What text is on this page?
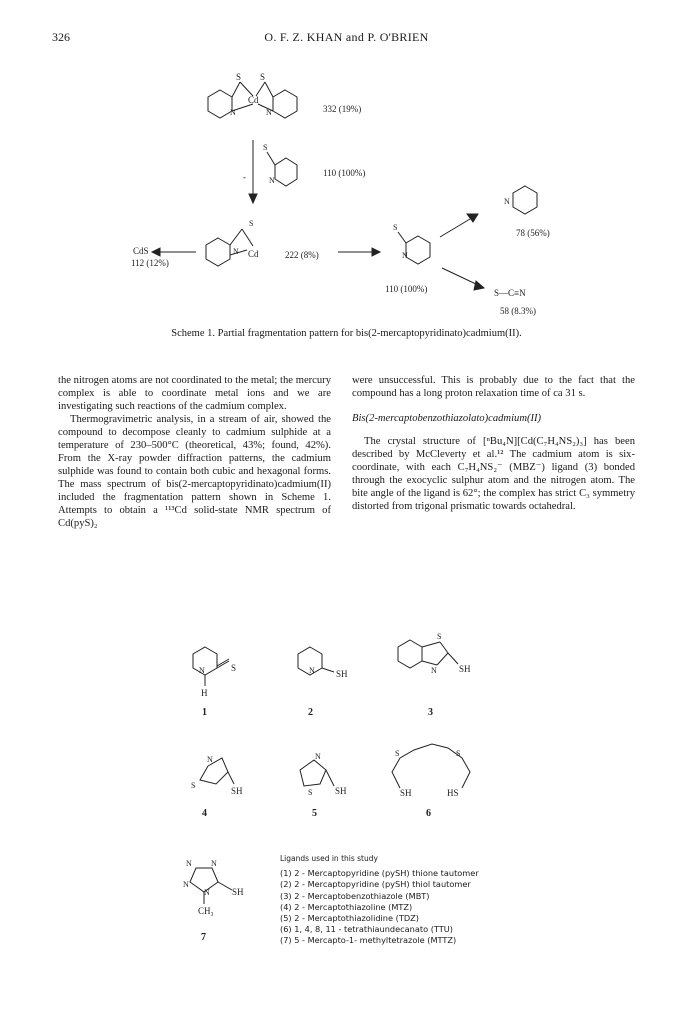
326	O. F. Z. KHAN and P. O'BRIEN
S S
Cd
N	N	332 (19%)
-
S
N
110 (100%)
CdS
112 (12%)
S
N Cd	222 (8%)
S
N
110 (100%)
N
78 (56%)
S—C≡N
58 (8.3%)
Scheme 1. Partial fragmentation pattern for bis(2-mercaptopyridinato)cadmium(II).

the nitrogen atoms are not coordinated to the metal; the mercury complex is able to coordinate metal ions and we are investigating such reactions of the cadmium complex.

Thermogravimetric analysis, in a stream of air, showed the compound to decompose cleanly to cadmium sulphide at a temperature of 230–500°C (theoretical, 43%; found, 42%). From the X-ray powder diffraction patterns, the cadmium sulphide was found to contain both cubic and hexagonal forms. The mass spectrum of bis(2-mercaptopyridinato)cadmium(II) included the fragmentation pattern shown in Scheme 1. Attempts to obtain a ¹¹³Cd solid-state NMR spectrum of Cd(pyS)₂

were unsuccessful. This is probably due to the fact that the compound has a long proton relaxation time of ca 31 s.

Bis(2-mercaptobenzothiazolato)cadmium(II)

The crystal structure of [ⁿBu₄N][Cd(C₇H₄NS₂)₃] has been described by McCleverty et al.¹² The cadmium atom is six-coordinate, with each C₇H₄NS₂⁻ (MBZ⁻) ligand (3) bonded through the exocyclic sulphur atom and the nitrogen atom. The bite angle of the ligand is 62°; the complex has strict C₃ symmetry distorted from trigonal prismatic towards octahedral.

S
N
H
1
N SH
2
S
N SH
3
N
S
SH
4
N
S	SH
5
S	S
SH	HS
6
N N
N
N SH
CH₃
7
Ligands used in this study
(1) 2 - Mercaptopyridine (pySH) thione tautomer
(2) 2 - Mercaptopyridine (pySH) thiol tautomer
(3) 2 - Mercaptobenzothiazole (MBT)
(4) 2 - Mercaptothiazoline (MTZ)
(5) 2 - Mercaptothiazolidine (TDZ)
(6) 1, 4, 8, 11 - tetrathiaundecanato (TTU)
(7) 5 - Mercapto-1- methyltetrazole (MTTZ)
